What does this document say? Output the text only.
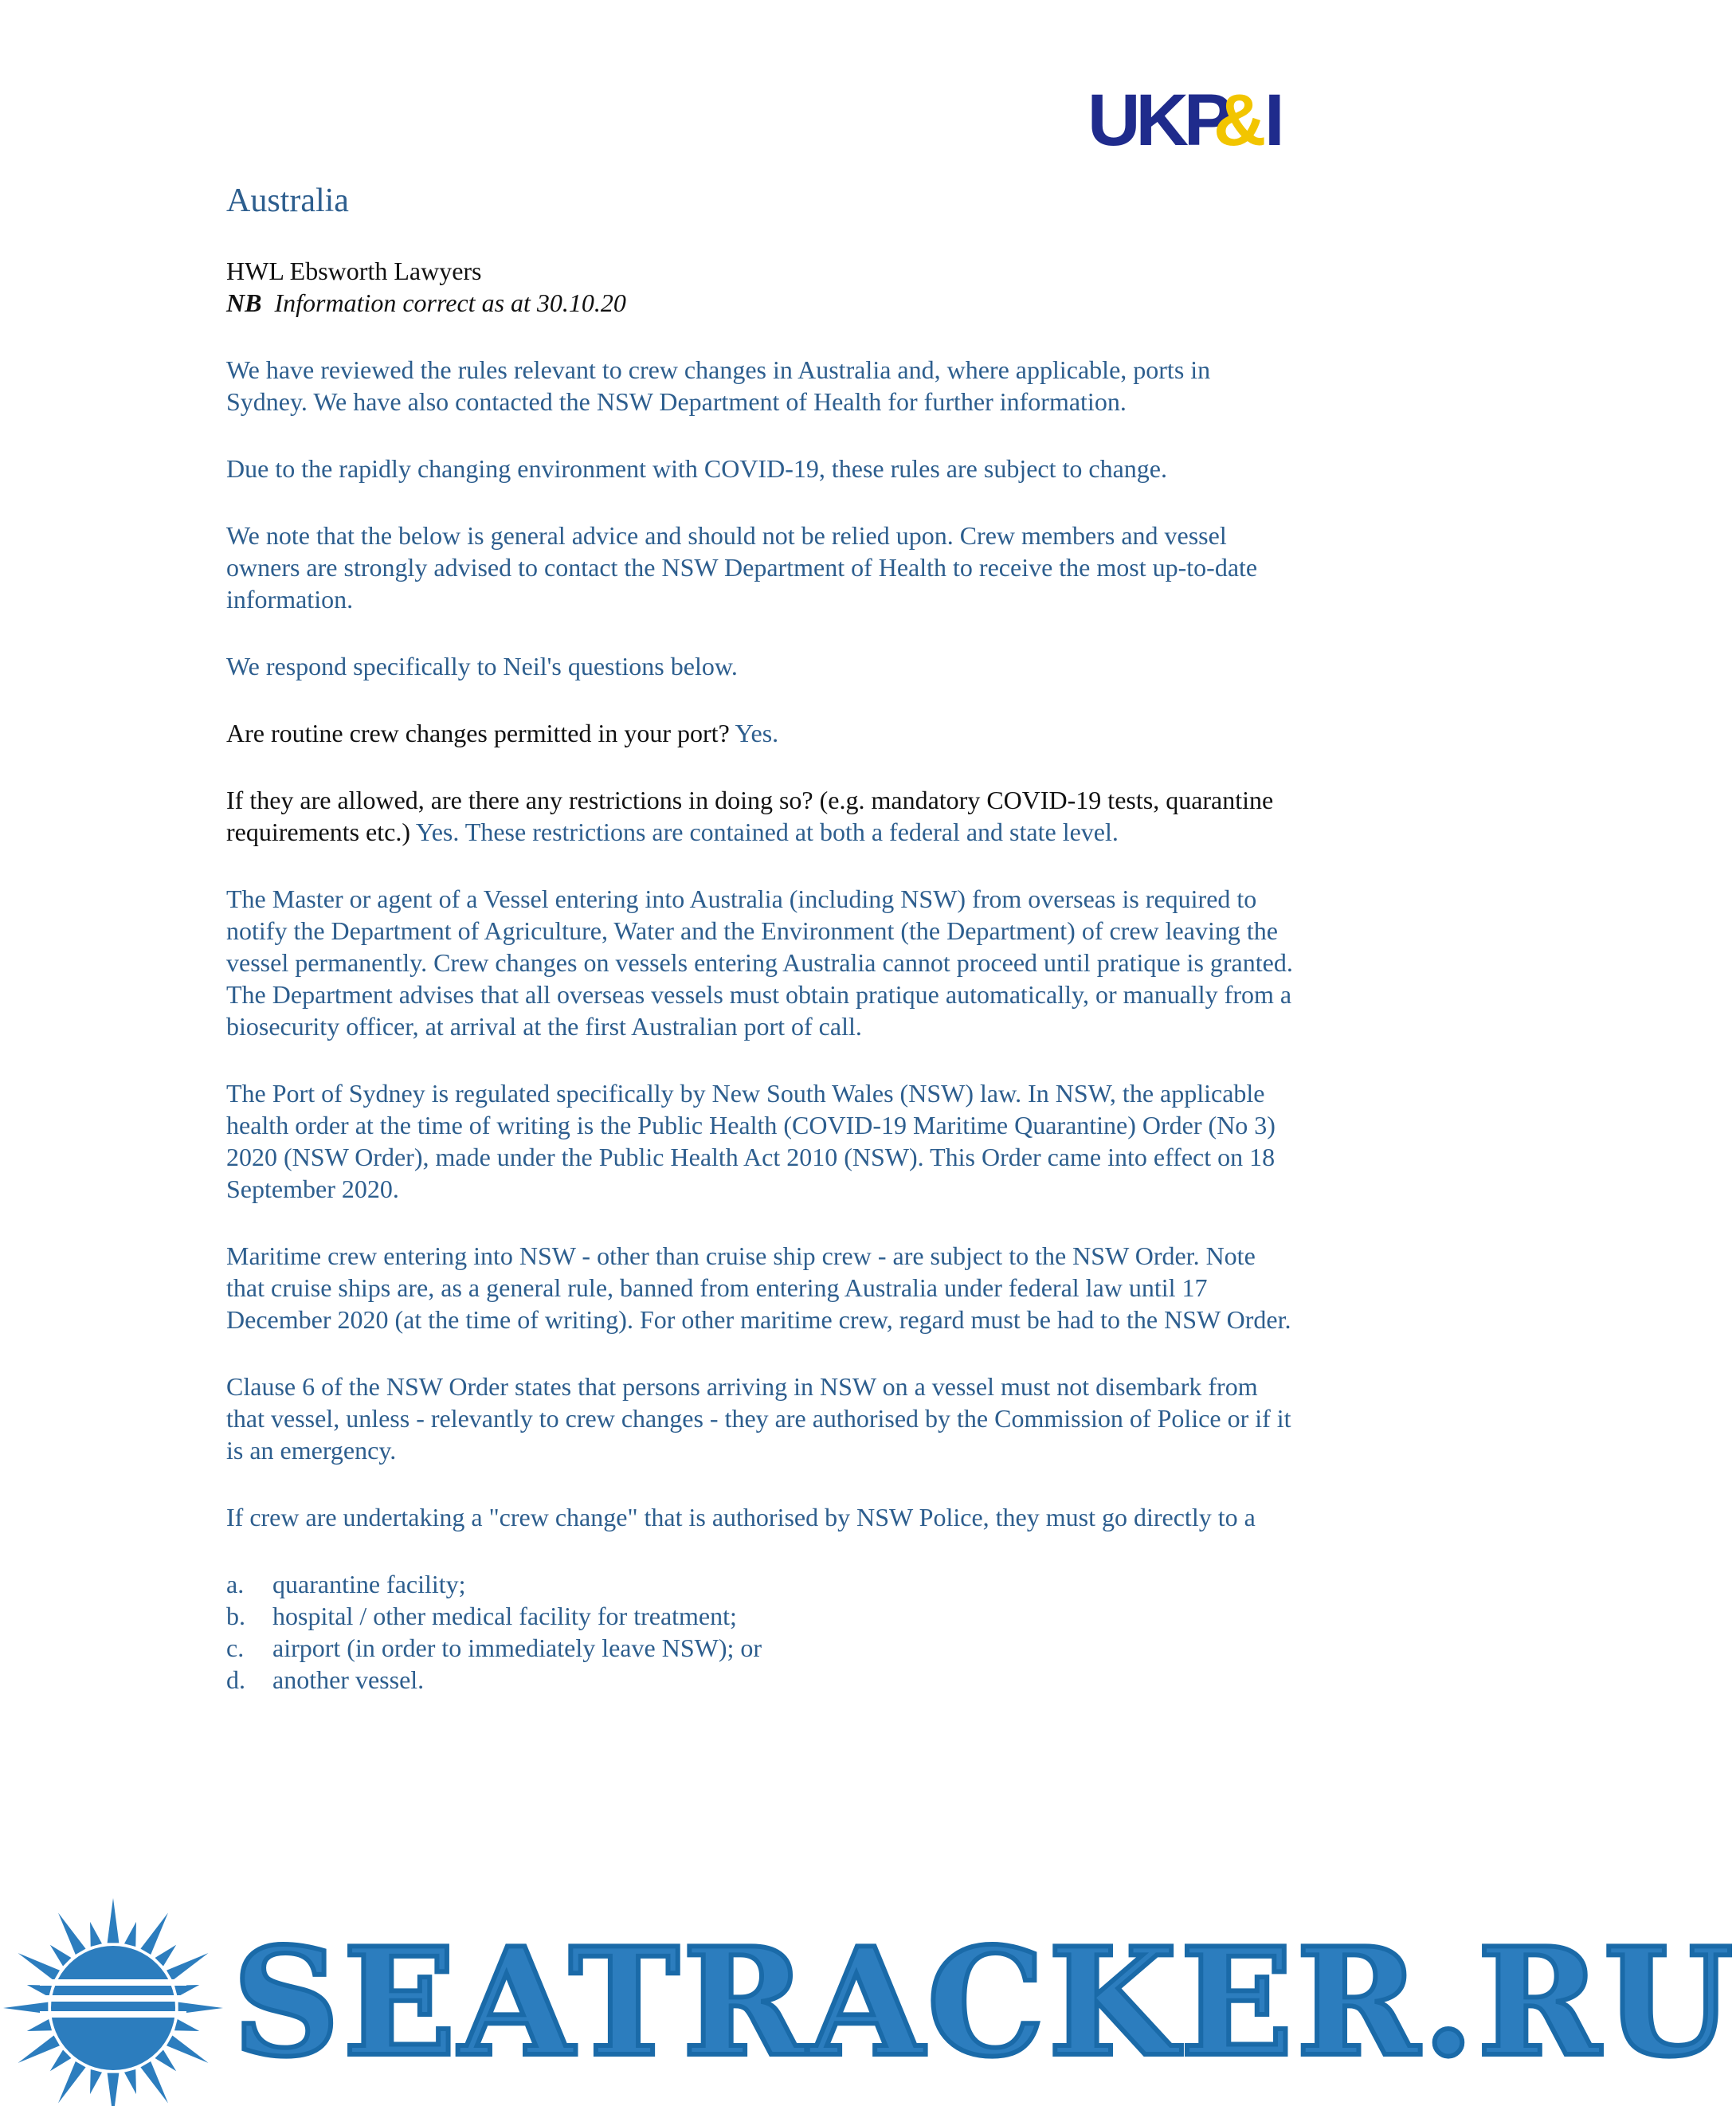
UKP
&
I
Australia

HWL Ebsworth Lawyers

NB Information correct as at 30.10.20

We have reviewed the rules relevant to crew changes in Australia and, where applicable, ports in Sydney. We have also contacted the NSW Department of Health for further information.

Due to the rapidly changing environment with COVID-19, these rules are subject to change.

We note that the below is general advice and should not be relied upon. Crew members and vessel owners are strongly advised to contact the NSW Department of Health to receive the most up-to-date information.

We respond specifically to Neil's questions below.

Are routine crew changes permitted in your port? Yes.

If they are allowed, are there any restrictions in doing so? (e.g. mandatory COVID-19 tests, quarantine requirements etc.) Yes. These restrictions are contained at both a federal and state level.

The Master or agent of a Vessel entering into Australia (including NSW) from overseas is required to notify the Department of Agriculture, Water and the Environment (the Department) of crew leaving the vessel permanently. Crew changes on vessels entering Australia cannot proceed until pratique is granted. The Department advises that all overseas vessels must obtain pratique automatically, or manually from a biosecurity officer, at arrival at the first Australian port of call.

The Port of Sydney is regulated specifically by New South Wales (NSW) law. In NSW, the applicable health order at the time of writing is the Public Health (COVID-19 Maritime Quarantine) Order (No 3) 2020 (NSW Order), made under the Public Health Act 2010 (NSW). This Order came into effect on 18 September 2020.

Maritime crew entering into NSW - other than cruise ship crew - are subject to the NSW Order. Note that cruise ships are, as a general rule, banned from entering Australia under federal law until 17 December 2020 (at the time of writing). For other maritime crew, regard must be had to the NSW Order.

Clause 6 of the NSW Order states that persons arriving in NSW on a vessel must not disembark from that vessel, unless - relevantly to crew changes - they are authorised by the Commission of Police or if it is an emergency.

If crew are undertaking a "crew change" that is authorised by NSW Police, they must go directly to a

a.	quarantine facility;
b.	hospital / other medical facility for treatment;
c.	airport (in order to immediately leave NSW); or
d.	another vessel.
SEATRACKER.RU
